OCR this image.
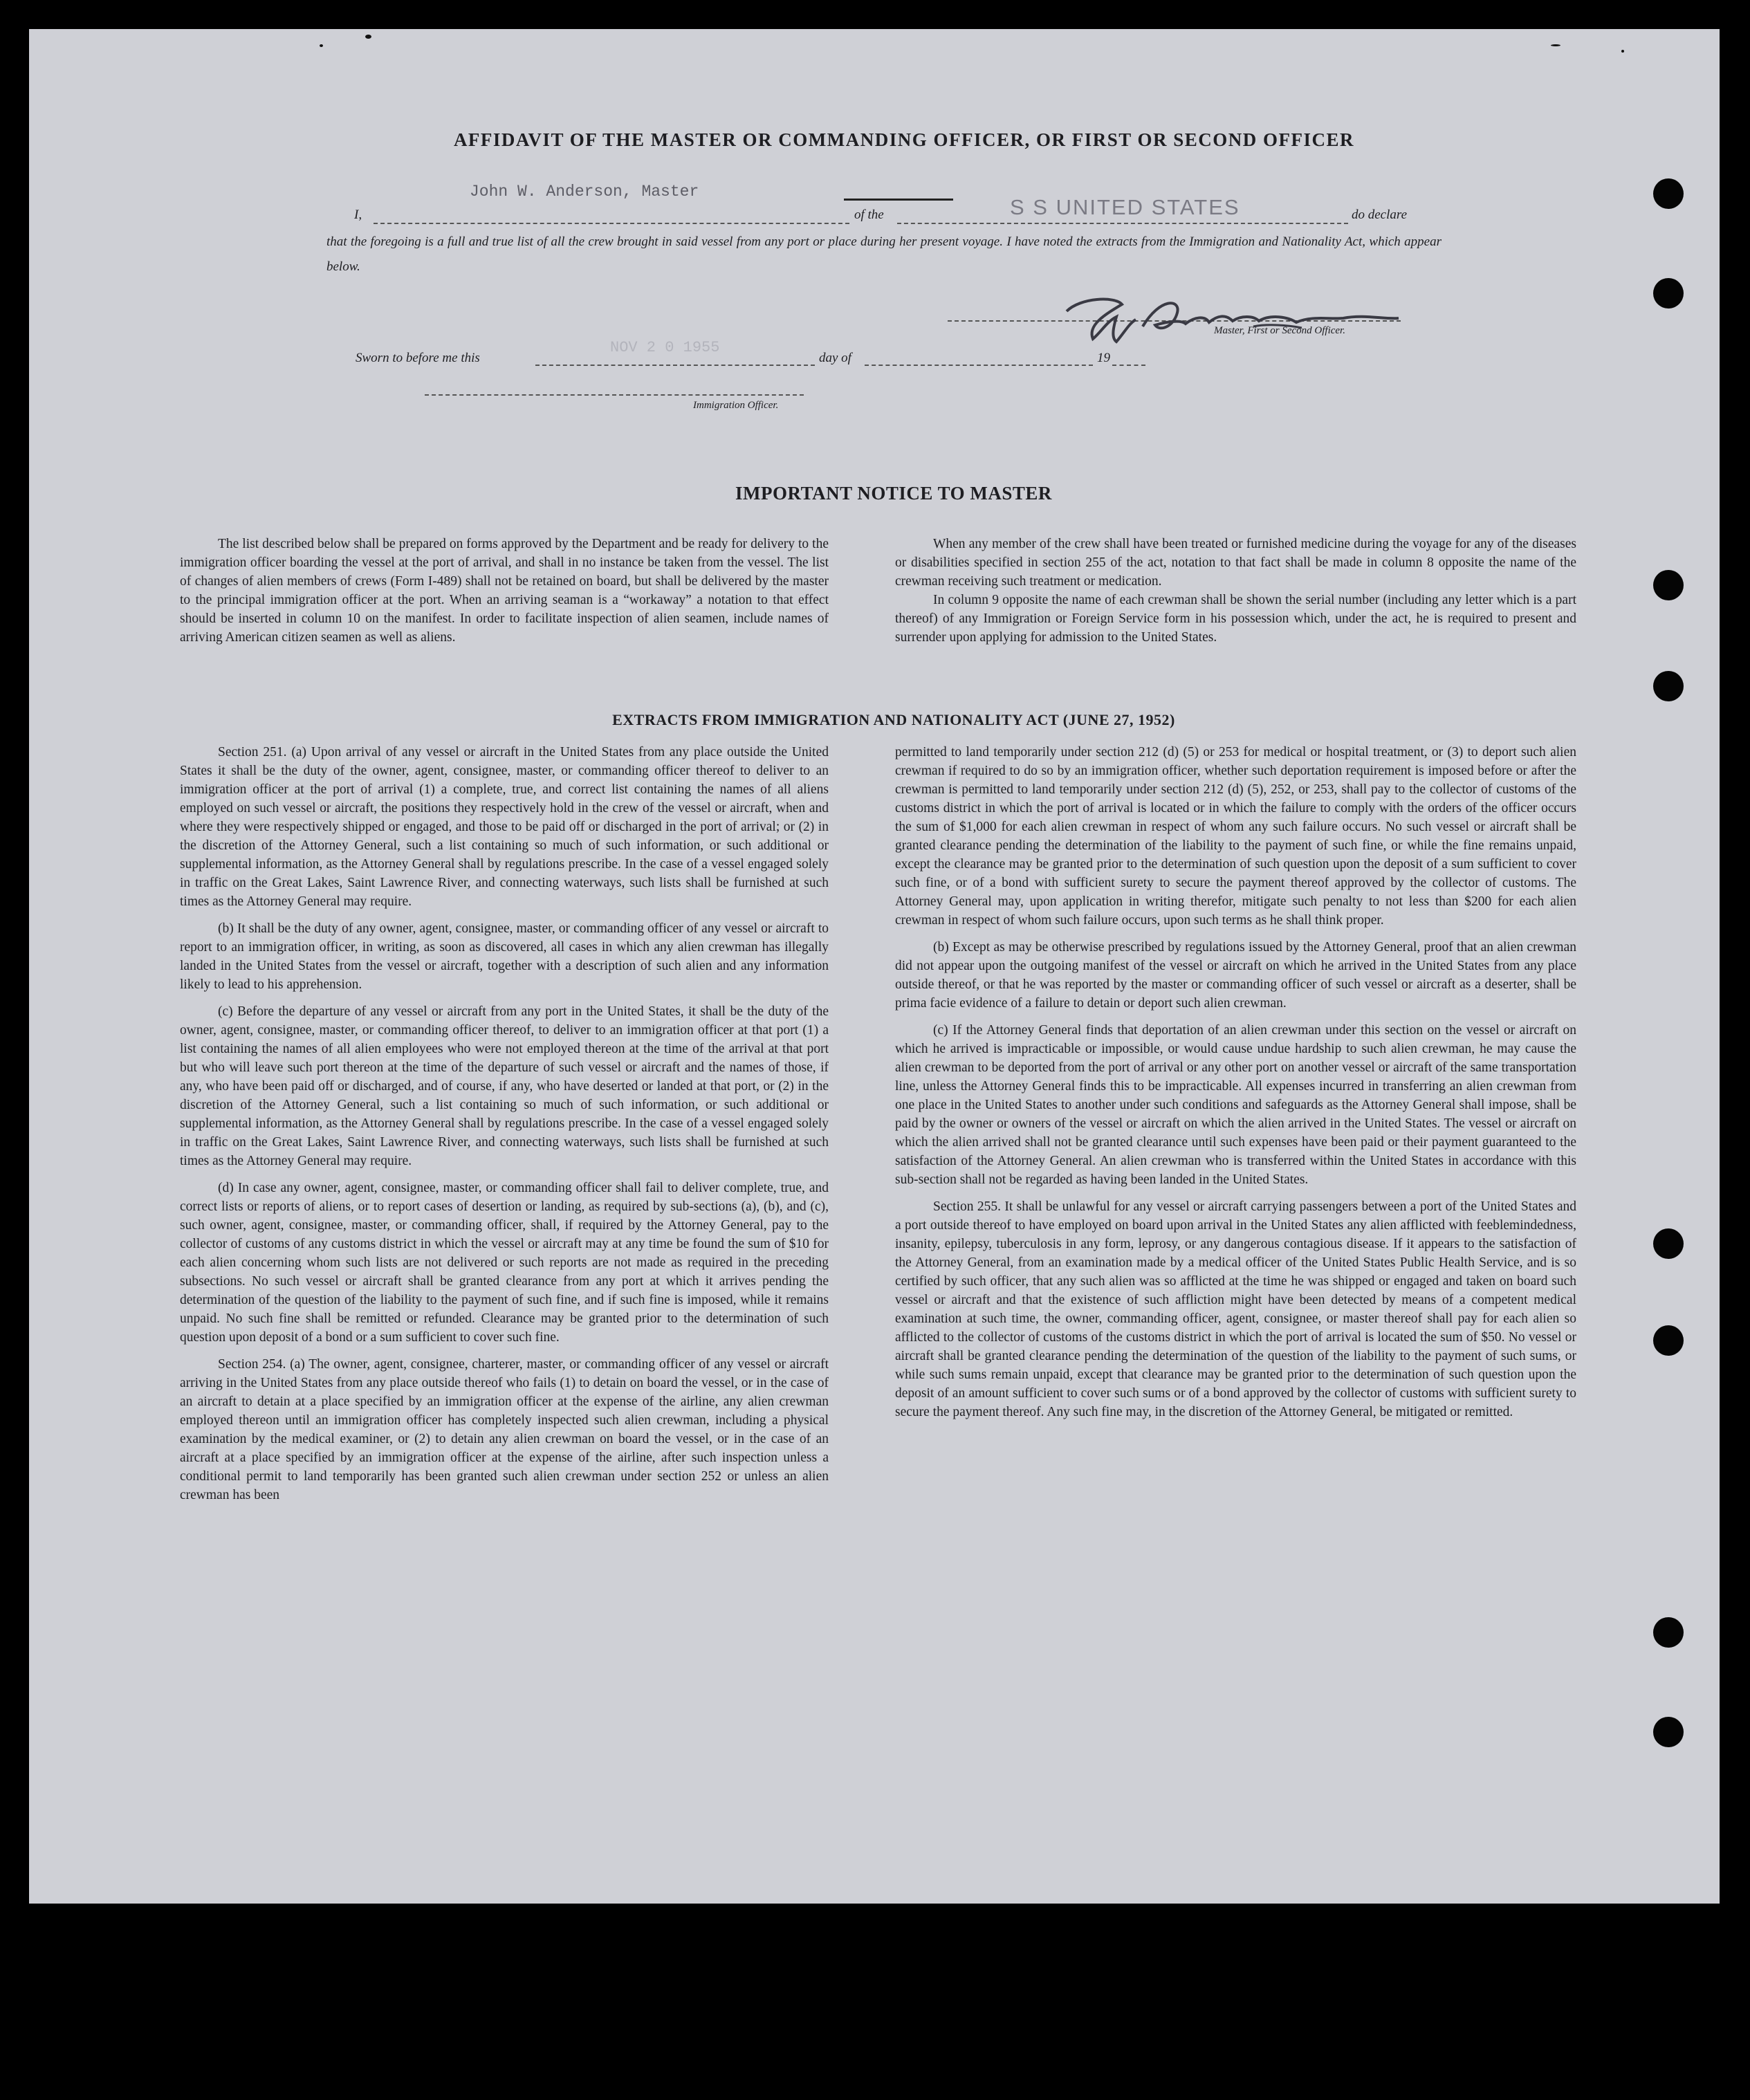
AFFIDAVIT OF THE MASTER OR COMMANDING OFFICER, OR FIRST OR SECOND OFFICER
John W. Anderson, Master
I,	of the	S S UNITED STATES	do declare
that the foregoing is a full and true list of all the crew brought in said vessel from any port or place during her present voyage. I have noted the extracts from the Immigration and Nationality Act, which appear below.
Master, First or Second Officer.
Sworn to before me this
NOV 2 0 1955
day of	19
Immigration Officer.
IMPORTANT NOTICE TO MASTER

The list described below shall be prepared on forms approved by the Department and be ready for delivery to the immigration officer boarding the vessel at the port of arrival, and shall in no instance be taken from the vessel. The list of changes of alien members of crews (Form I-489) shall not be retained on board, but shall be delivered by the master to the principal immigration officer at the port. When an arriving seaman is a “workaway” a notation to that effect should be inserted in column 10 on the manifest. In order to facilitate inspection of alien seamen, include names of arriving American citizen seamen as well as aliens.

When any member of the crew shall have been treated or furnished medicine during the voyage for any of the diseases or disabilities specified in section 255 of the act, notation to that fact shall be made in column 8 opposite the name of the crewman receiving such treatment or medication.

In column 9 opposite the name of each crewman shall be shown the serial number (including any letter which is a part thereof) of any Immigration or Foreign Service form in his possession which, under the act, he is required to present and surrender upon applying for admission to the United States.

EXTRACTS FROM IMMIGRATION AND NATIONALITY ACT (JUNE 27, 1952)

Section 251. (a) Upon arrival of any vessel or aircraft in the United States from any place outside the United States it shall be the duty of the owner, agent, consignee, master, or commanding officer thereof to deliver to an immigration officer at the port of arrival (1) a complete, true, and correct list containing the names of all aliens employed on such vessel or aircraft, the positions they respectively hold in the crew of the vessel or aircraft, when and where they were respectively shipped or engaged, and those to be paid off or discharged in the port of arrival; or (2) in the discretion of the Attorney General, such a list containing so much of such information, or such additional or supplemental information, as the Attorney General shall by regulations prescribe. In the case of a vessel engaged solely in traffic on the Great Lakes, Saint Lawrence River, and connecting waterways, such lists shall be furnished at such times as the Attorney General may require.

(b) It shall be the duty of any owner, agent, consignee, master, or commanding officer of any vessel or aircraft to report to an immigration officer, in writing, as soon as discovered, all cases in which any alien crewman has illegally landed in the United States from the vessel or aircraft, together with a description of such alien and any information likely to lead to his apprehension.

(c) Before the departure of any vessel or aircraft from any port in the United States, it shall be the duty of the owner, agent, consignee, master, or commanding officer thereof, to deliver to an immigration officer at that port (1) a list containing the names of all alien employees who were not employed thereon at the time of the arrival at that port but who will leave such port thereon at the time of the departure of such vessel or aircraft and the names of those, if any, who have been paid off or discharged, and of course, if any, who have deserted or landed at that port, or (2) in the discretion of the Attorney General, such a list containing so much of such information, or such additional or supplemental information, as the Attorney General shall by regulations prescribe. In the case of a vessel engaged solely in traffic on the Great Lakes, Saint Lawrence River, and connecting waterways, such lists shall be furnished at such times as the Attorney General may require.

(d) In case any owner, agent, consignee, master, or commanding officer shall fail to deliver complete, true, and correct lists or reports of aliens, or to report cases of desertion or landing, as required by sub-sections (a), (b), and (c), such owner, agent, consignee, master, or commanding officer, shall, if required by the Attorney General, pay to the collector of customs of any customs district in which the vessel or aircraft may at any time be found the sum of $10 for each alien concerning whom such lists are not delivered or such reports are not made as required in the preceding subsections. No such vessel or aircraft shall be granted clearance from any port at which it arrives pending the determination of the question of the liability to the payment of such fine, and if such fine is imposed, while it remains unpaid. No such fine shall be remitted or refunded. Clearance may be granted prior to the determination of such question upon deposit of a bond or a sum sufficient to cover such fine.

Section 254. (a) The owner, agent, consignee, charterer, master, or commanding officer of any vessel or aircraft arriving in the United States from any place outside thereof who fails (1) to detain on board the vessel, or in the case of an aircraft to detain at a place specified by an immigration officer at the expense of the airline, any alien crewman employed thereon until an immigration officer has completely inspected such alien crewman, including a physical examination by the medical examiner, or (2) to detain any alien crewman on board the vessel, or in the case of an aircraft at a place specified by an immigration officer at the expense of the airline, after such inspection unless a conditional permit to land temporarily has been granted such alien crewman under section 252 or unless an alien crewman has been

permitted to land temporarily under section 212 (d) (5) or 253 for medical or hospital treatment, or (3) to deport such alien crewman if required to do so by an immigration officer, whether such deportation requirement is imposed before or after the crewman is permitted to land temporarily under section 212 (d) (5), 252, or 253, shall pay to the collector of customs of the customs district in which the port of arrival is located or in which the failure to comply with the orders of the officer occurs the sum of $1,000 for each alien crewman in respect of whom any such failure occurs. No such vessel or aircraft shall be granted clearance pending the determination of the liability to the payment of such fine, or while the fine remains unpaid, except the clearance may be granted prior to the determination of such question upon the deposit of a sum sufficient to cover such fine, or of a bond with sufficient surety to secure the payment thereof approved by the collector of customs. The Attorney General may, upon application in writing therefor, mitigate such penalty to not less than $200 for each alien crewman in respect of whom such failure occurs, upon such terms as he shall think proper.

(b) Except as may be otherwise prescribed by regulations issued by the Attorney General, proof that an alien crewman did not appear upon the outgoing manifest of the vessel or aircraft on which he arrived in the United States from any place outside thereof, or that he was reported by the master or commanding officer of such vessel or aircraft as a deserter, shall be prima facie evidence of a failure to detain or deport such alien crewman.

(c) If the Attorney General finds that deportation of an alien crewman under this section on the vessel or aircraft on which he arrived is impracticable or impossible, or would cause undue hardship to such alien crewman, he may cause the alien crewman to be deported from the port of arrival or any other port on another vessel or aircraft of the same transportation line, unless the Attorney General finds this to be impracticable. All expenses incurred in transferring an alien crewman from one place in the United States to another under such conditions and safeguards as the Attorney General shall impose, shall be paid by the owner or owners of the vessel or aircraft on which the alien arrived in the United States. The vessel or aircraft on which the alien arrived shall not be granted clearance until such expenses have been paid or their payment guaranteed to the satisfaction of the Attorney General. An alien crewman who is transferred within the United States in accordance with this sub-section shall not be regarded as having been landed in the United States.

Section 255. It shall be unlawful for any vessel or aircraft carrying passengers between a port of the United States and a port outside thereof to have employed on board upon arrival in the United States any alien afflicted with feeblemindedness, insanity, epilepsy, tuberculosis in any form, leprosy, or any dangerous contagious disease. If it appears to the satisfaction of the Attorney General, from an examination made by a medical officer of the United States Public Health Service, and is so certified by such officer, that any such alien was so afflicted at the time he was shipped or engaged and taken on board such vessel or aircraft and that the existence of such affliction might have been detected by means of a competent medical examination at such time, the owner, commanding officer, agent, consignee, or master thereof shall pay for each alien so afflicted to the collector of customs of the customs district in which the port of arrival is located the sum of $50. No vessel or aircraft shall be granted clearance pending the determination of the question of the liability to the payment of such sums, or while such sums remain unpaid, except that clearance may be granted prior to the determination of such question upon the deposit of an amount sufficient to cover such sums or of a bond approved by the collector of customs with sufficient surety to secure the payment thereof. Any such fine may, in the discretion of the Attorney General, be mitigated or remitted.
